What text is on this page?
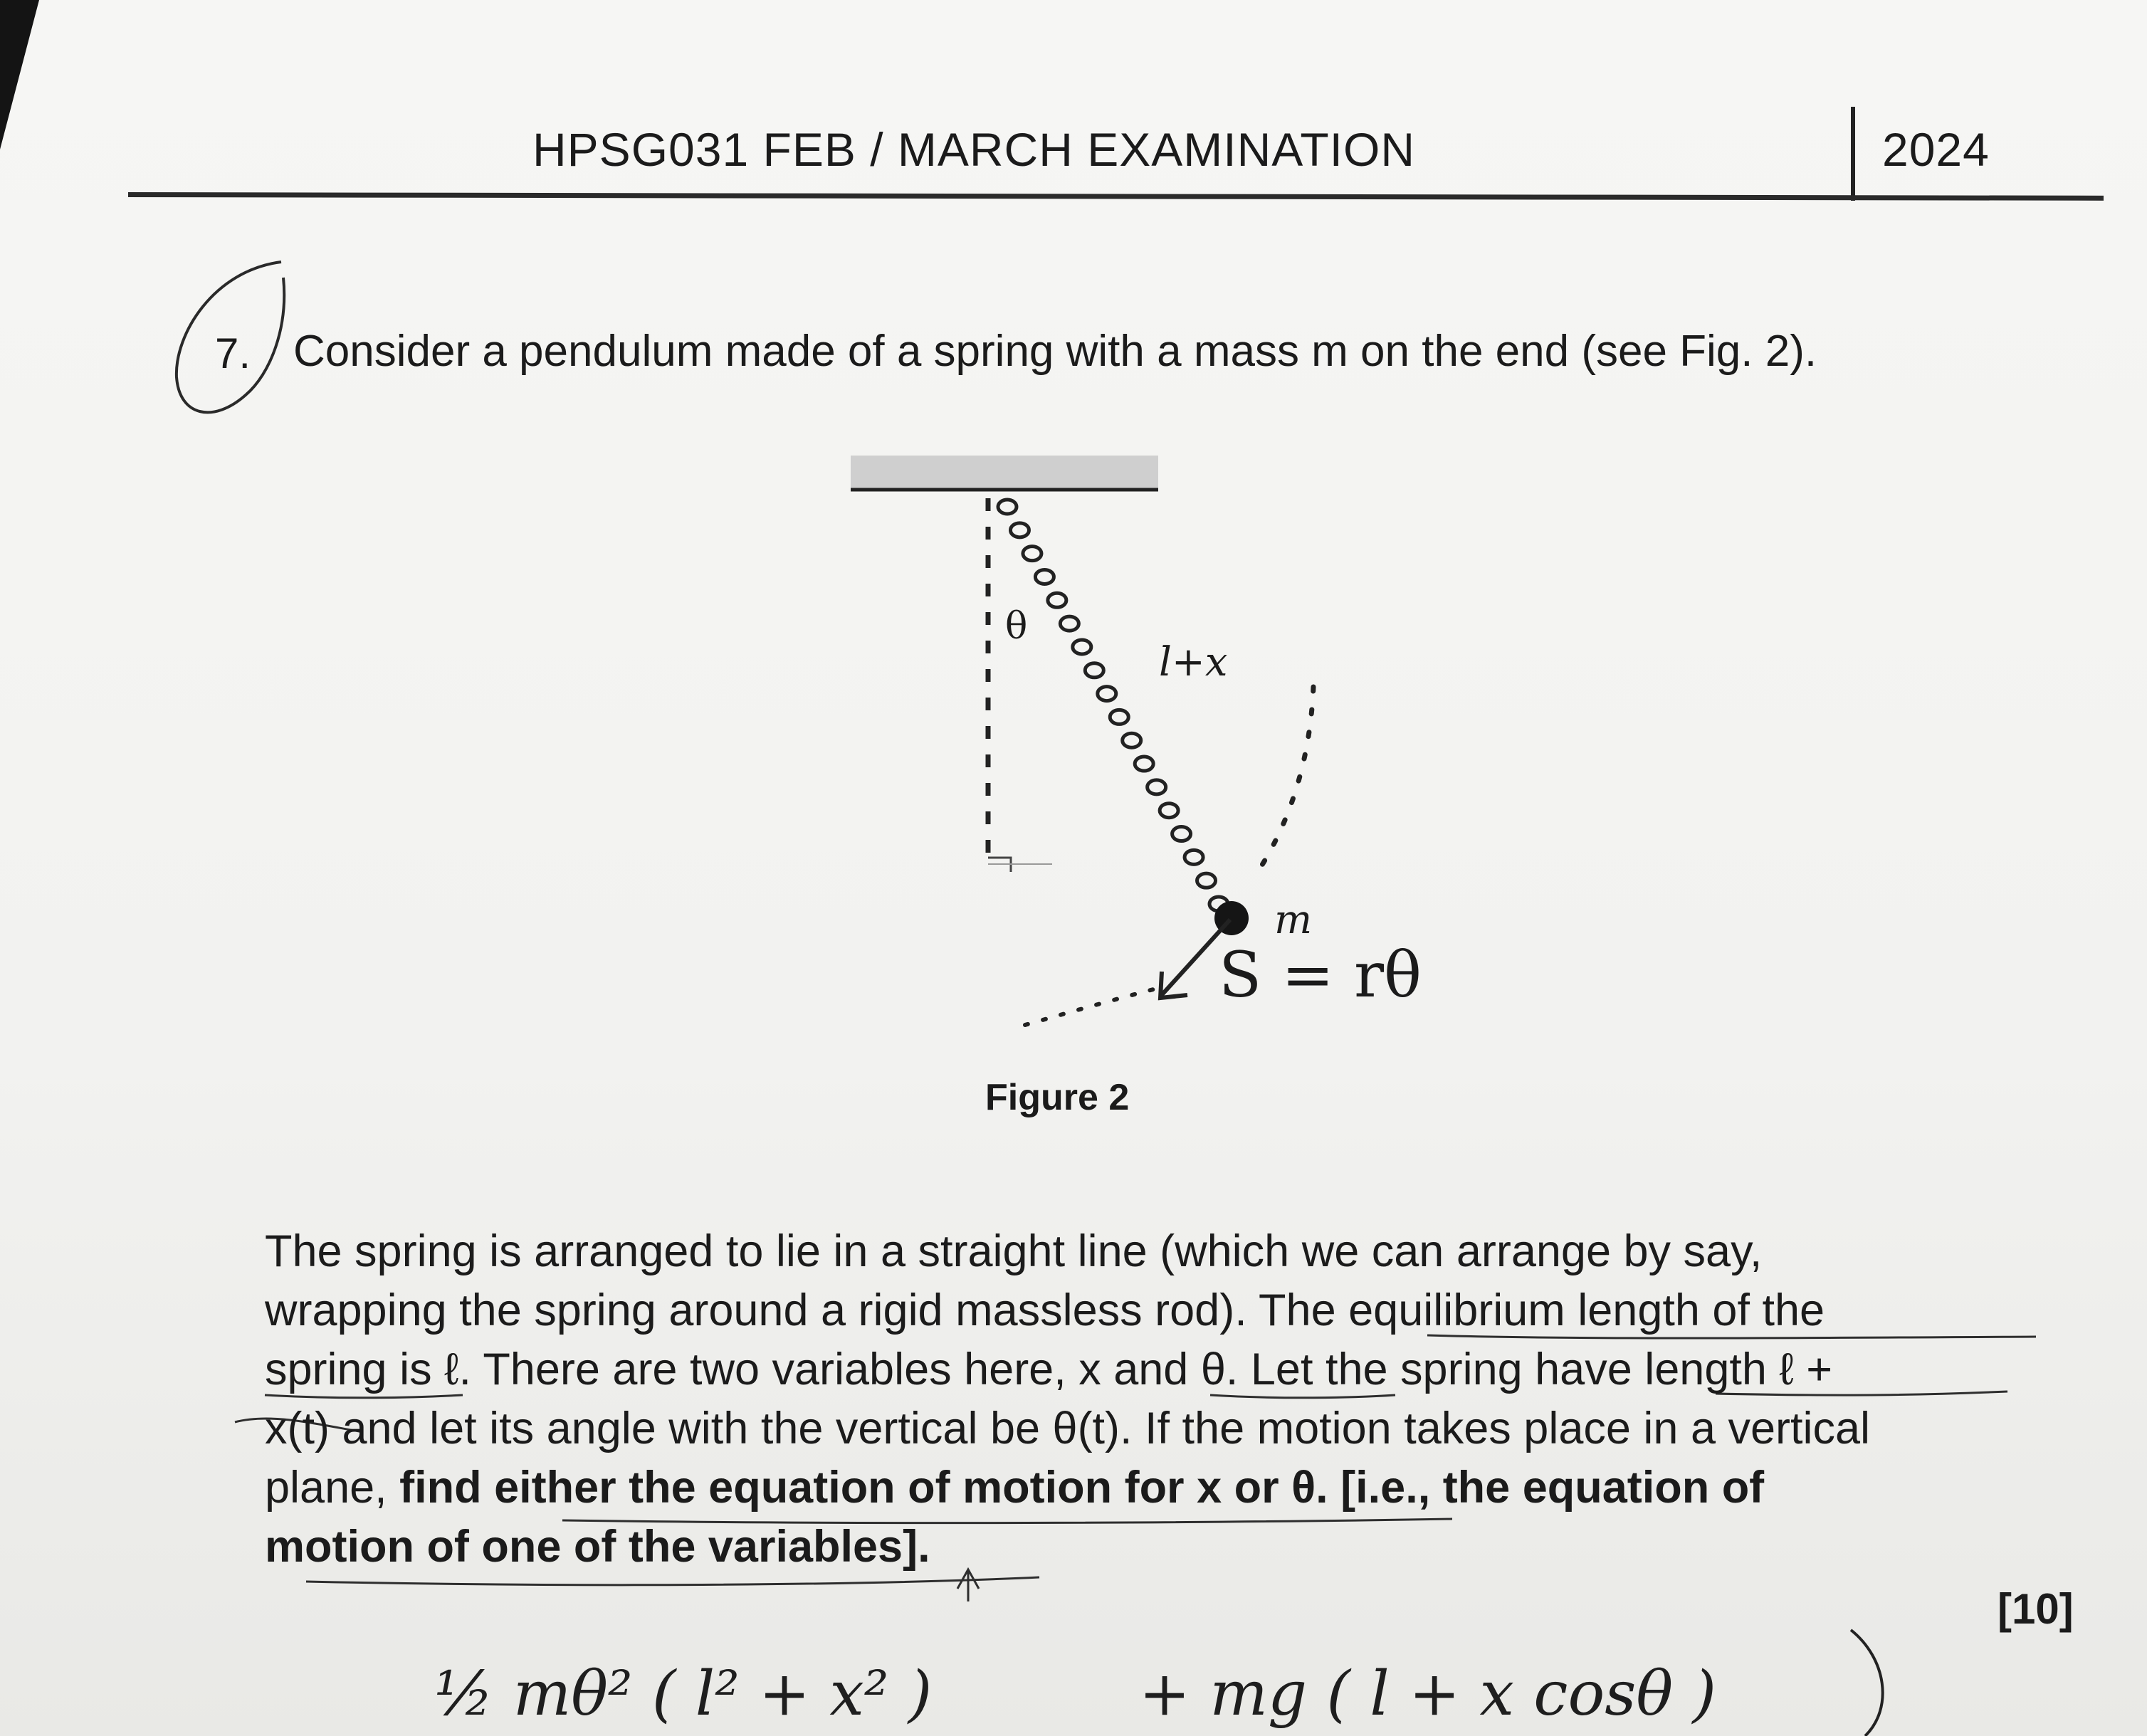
HPSG031 FEB / MARCH EXAMINATION	2024
7. Consider a pendulum made of a spring with a mass m on the end (see Fig. 2).
θ
l+x
m
S = rθ
Figure 2
The spring is arranged to lie in a straight line (which we can arrange by say,
wrapping the spring around a rigid massless rod). The equilibrium length of the
spring is ℓ. There are two variables here, x and θ. Let the spring have length ℓ +
x(t) and let its angle with the vertical be θ(t). If the motion takes place in a vertical
plane, find either the equation of motion for x or θ. [i.e., the equation of
motion of one of the variables].
[10]
½ mθ² ( l² + x² )	+ mg ( l + x cosθ )
